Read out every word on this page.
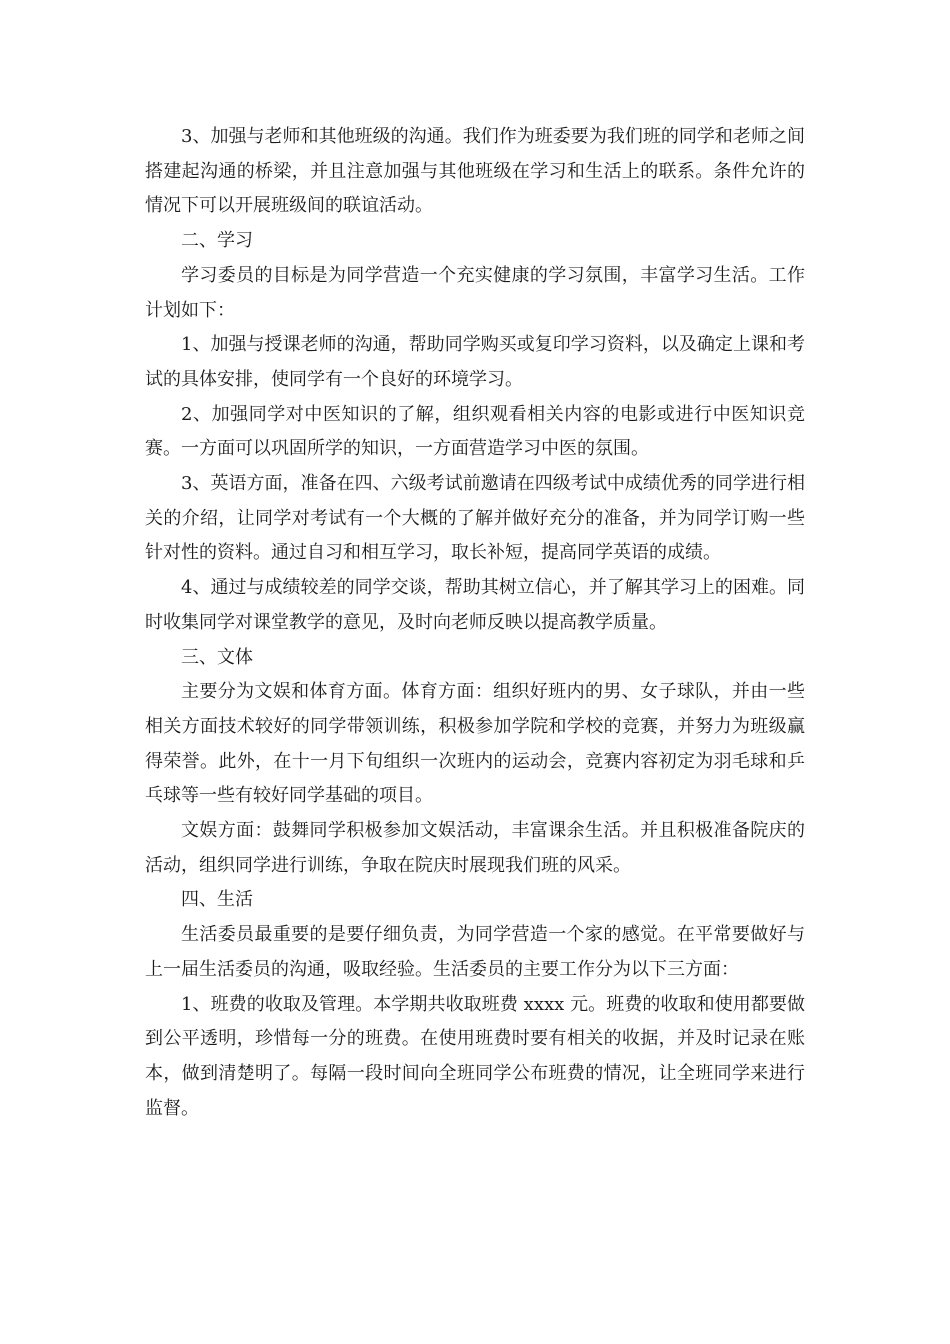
3、加强与老师和其他班级的沟通。我们作为班委要为我们班的同学和老师之间搭建起沟通的桥梁，并且注意加强与其他班级在学习和生活上的联系。条件允许的情况下可以开展班级间的联谊活动。

二、学习

学习委员的目标是为同学营造一个充实健康的学习氛围，丰富学习生活。工作计划如下：

1、加强与授课老师的沟通，帮助同学购买或复印学习资料，以及确定上课和考试的具体安排，使同学有一个良好的环境学习。

2、加强同学对中医知识的了解，组织观看相关内容的电影或进行中医知识竞赛。一方面可以巩固所学的知识，一方面营造学习中医的氛围。

3、英语方面，准备在四、六级考试前邀请在四级考试中成绩优秀的同学进行相关的介绍，让同学对考试有一个大概的了解并做好充分的准备，并为同学订购一些针对性的资料。通过自习和相互学习，取长补短，提高同学英语的成绩。

4、通过与成绩较差的同学交谈，帮助其树立信心，并了解其学习上的困难。同时收集同学对课堂教学的意见，及时向老师反映以提高教学质量。

三、文体

主要分为文娱和体育方面。体育方面：组织好班内的男、女子球队，并由一些相关方面技术较好的同学带领训练，积极参加学院和学校的竞赛，并努力为班级赢得荣誉。此外，在十一月下旬组织一次班内的运动会，竞赛内容初定为羽毛球和乒乓球等一些有较好同学基础的项目。

文娱方面：鼓舞同学积极参加文娱活动，丰富课余生活。并且积极准备院庆的活动，组织同学进行训练，争取在院庆时展现我们班的风采。

四、生活

生活委员最重要的是要仔细负责，为同学营造一个家的感觉。在平常要做好与上一届生活委员的沟通，吸取经验。生活委员的主要工作分为以下三方面：

1、班费的收取及管理。本学期共收取班费 xxxx 元。班费的收取和使用都要做到公平透明，珍惜每一分的班费。在使用班费时要有相关的收据，并及时记录在账本，做到清楚明了。每隔一段时间向全班同学公布班费的情况，让全班同学来进行监督。
